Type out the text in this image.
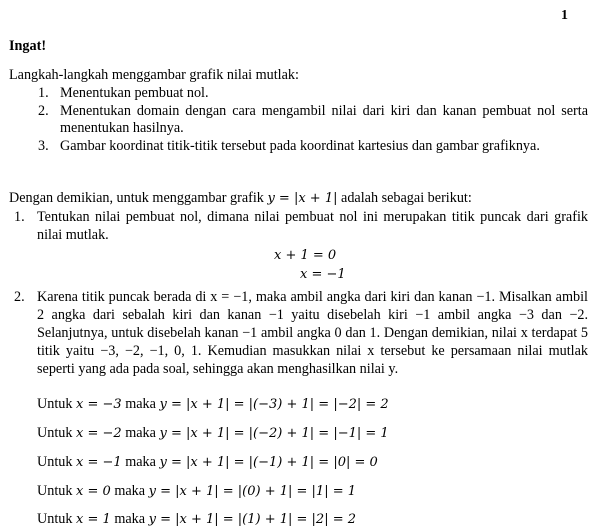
1
Ingat!
Langkah-langkah menggambar grafik nilai mutlak:
1. Menentukan pembuat nol.
2. Menentukan domain dengan cara mengambil nilai dari kiri dan kanan pembuat nol serta menentukan hasilnya.
3. Gambar koordinat titik-titik tersebut pada koordinat kartesius dan gambar grafiknya.
Dengan demikian, untuk menggambar grafik y = |x + 1| adalah sebagai berikut:
1. Tentukan nilai pembuat nol, dimana nilai pembuat nol ini merupakan titik puncak dari grafik nilai mutlak.
x + 1 = 0
x = −1
2. Karena titik puncak berada di x = −1, maka ambil angka dari kiri dan kanan −1. Misalkan ambil 2 angka dari sebalah kiri dan kanan −1 yaitu disebelah kiri −1 ambil angka −3 dan −2. Selanjutnya, untuk disebelah kanan −1 ambil angka 0 dan 1. Dengan demikian, nilai x terdapat 5 titik yaitu −3, −2, −1, 0, 1. Kemudian masukkan nilai x tersebut ke persamaan nilai mutlak seperti yang ada pada soal, sehingga akan menghasilkan nilai y.
Untuk x = −3 maka y = |x + 1| = |(−3) + 1| = |−2| = 2
Untuk x = −2 maka y = |x + 1| = |(−2) + 1| = |−1| = 1
Untuk x = −1 maka y = |x + 1| = |(−1) + 1| = |0| = 0
Untuk x = 0 maka y = |x + 1| = |(0) + 1| = |1| = 1
Untuk x = 1 maka y = |x + 1| = |(1) + 1| = |2| = 2
